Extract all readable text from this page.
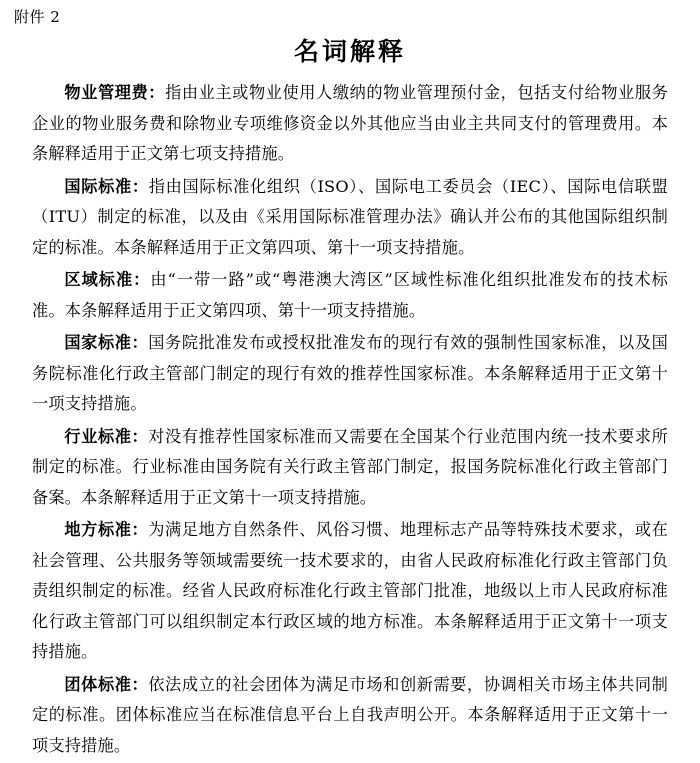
附件 2
名词解释

物业管理费：指由业主或物业使用人缴纳的物业管理预付金，包括支付给物业服务企业的物业服务费和除物业专项维修资金以外其他应当由业主共同支付的管理费用。本条解释适用于正文第七项支持措施。

国际标准：指由国际标准化组织（ISO）、国际电工委员会（IEC）、国际电信联盟（ITU）制定的标准，以及由《采用国际标准管理办法》确认并公布的其他国际组织制定的标准。本条解释适用于正文第四项、第十一项支持措施。

区域标准：由“一带一路”或“粤港澳大湾区”区域性标准化组织批准发布的技术标准。本条解释适用于正文第四项、第十一项支持措施。

国家标准：国务院批准发布或授权批准发布的现行有效的强制性国家标准，以及国务院标准化行政主管部门制定的现行有效的推荐性国家标准。本条解释适用于正文第十一项支持措施。

行业标准：对没有推荐性国家标准而又需要在全国某个行业范围内统一技术要求所制定的标准。行业标准由国务院有关行政主管部门制定，报国务院标准化行政主管部门备案。本条解释适用于正文第十一项支持措施。

地方标准：为满足地方自然条件、风俗习惯、地理标志产品等特殊技术要求，或在社会管理、公共服务等领域需要统一技术要求的，由省人民政府标准化行政主管部门负责组织制定的标准。经省人民政府标准化行政主管部门批准，地级以上市人民政府标准化行政主管部门可以组织制定本行政区域的地方标准。本条解释适用于正文第十一项支持措施。

团体标准：依法成立的社会团体为满足市场和创新需要，协调相关市场主体共同制定的标准。团体标准应当在标准信息平台上自我声明公开。本条解释适用于正文第十一项支持措施。
